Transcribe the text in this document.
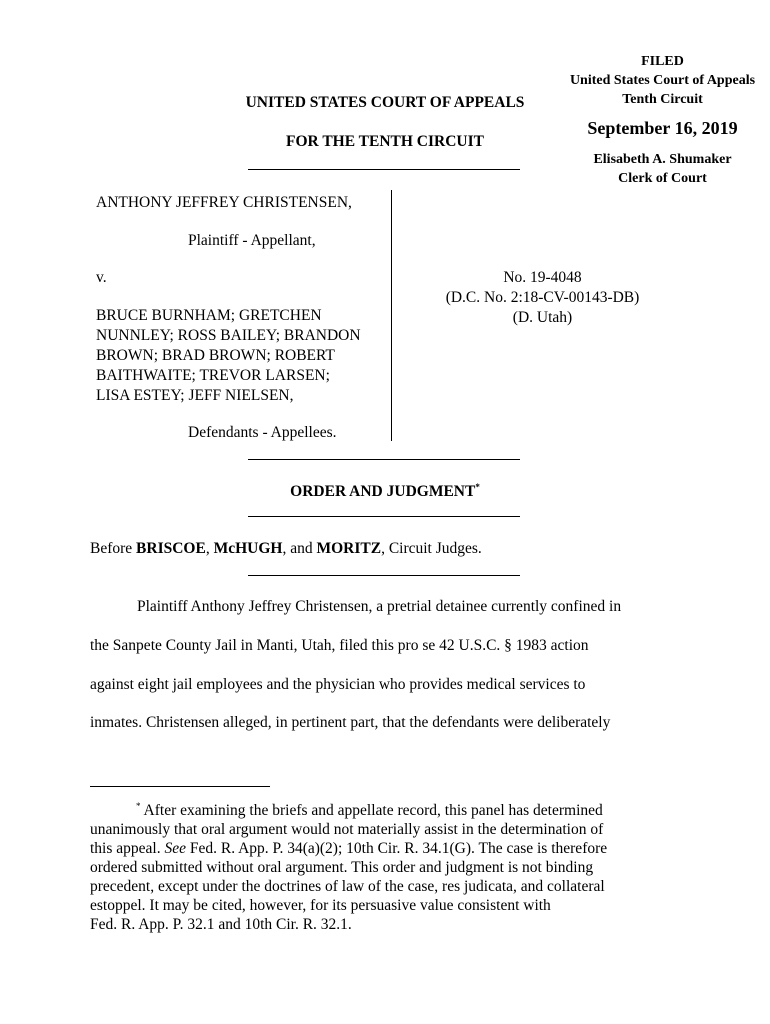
FILED
United States Court of Appeals
Tenth Circuit
September 16, 2019
Elisabeth A. Shumaker
Clerk of Court
UNITED STATES COURT OF APPEALS
FOR THE TENTH CIRCUIT
ANTHONY JEFFREY CHRISTENSEN,
Plaintiff - Appellant,
v.
BRUCE BURNHAM; GRETCHEN
NUNNLEY; ROSS BAILEY; BRANDON
BROWN; BRAD BROWN; ROBERT
BAITHWAITE; TREVOR LARSEN;
LISA ESTEY; JEFF NIELSEN,
Defendants - Appellees.
No. 19-4048
(D.C. No. 2:18-CV-00143-DB)
(D. Utah)
ORDER AND JUDGMENT*
Before BRISCOE, McHUGH, and MORITZ, Circuit Judges.
Plaintiff Anthony Jeffrey Christensen, a pretrial detainee currently confined in
the Sanpete County Jail in Manti, Utah, filed this pro se 42 U.S.C. § 1983 action
against eight jail employees and the physician who provides medical services to
inmates. Christensen alleged, in pertinent part, that the defendants were deliberately
* After examining the briefs and appellate record, this panel has determined
unanimously that oral argument would not materially assist in the determination of
this appeal. See Fed. R. App. P. 34(a)(2); 10th Cir. R. 34.1(G). The case is therefore
ordered submitted without oral argument. This order and judgment is not binding
precedent, except under the doctrines of law of the case, res judicata, and collateral
estoppel. It may be cited, however, for its persuasive value consistent with
Fed. R. App. P. 32.1 and 10th Cir. R. 32.1.
